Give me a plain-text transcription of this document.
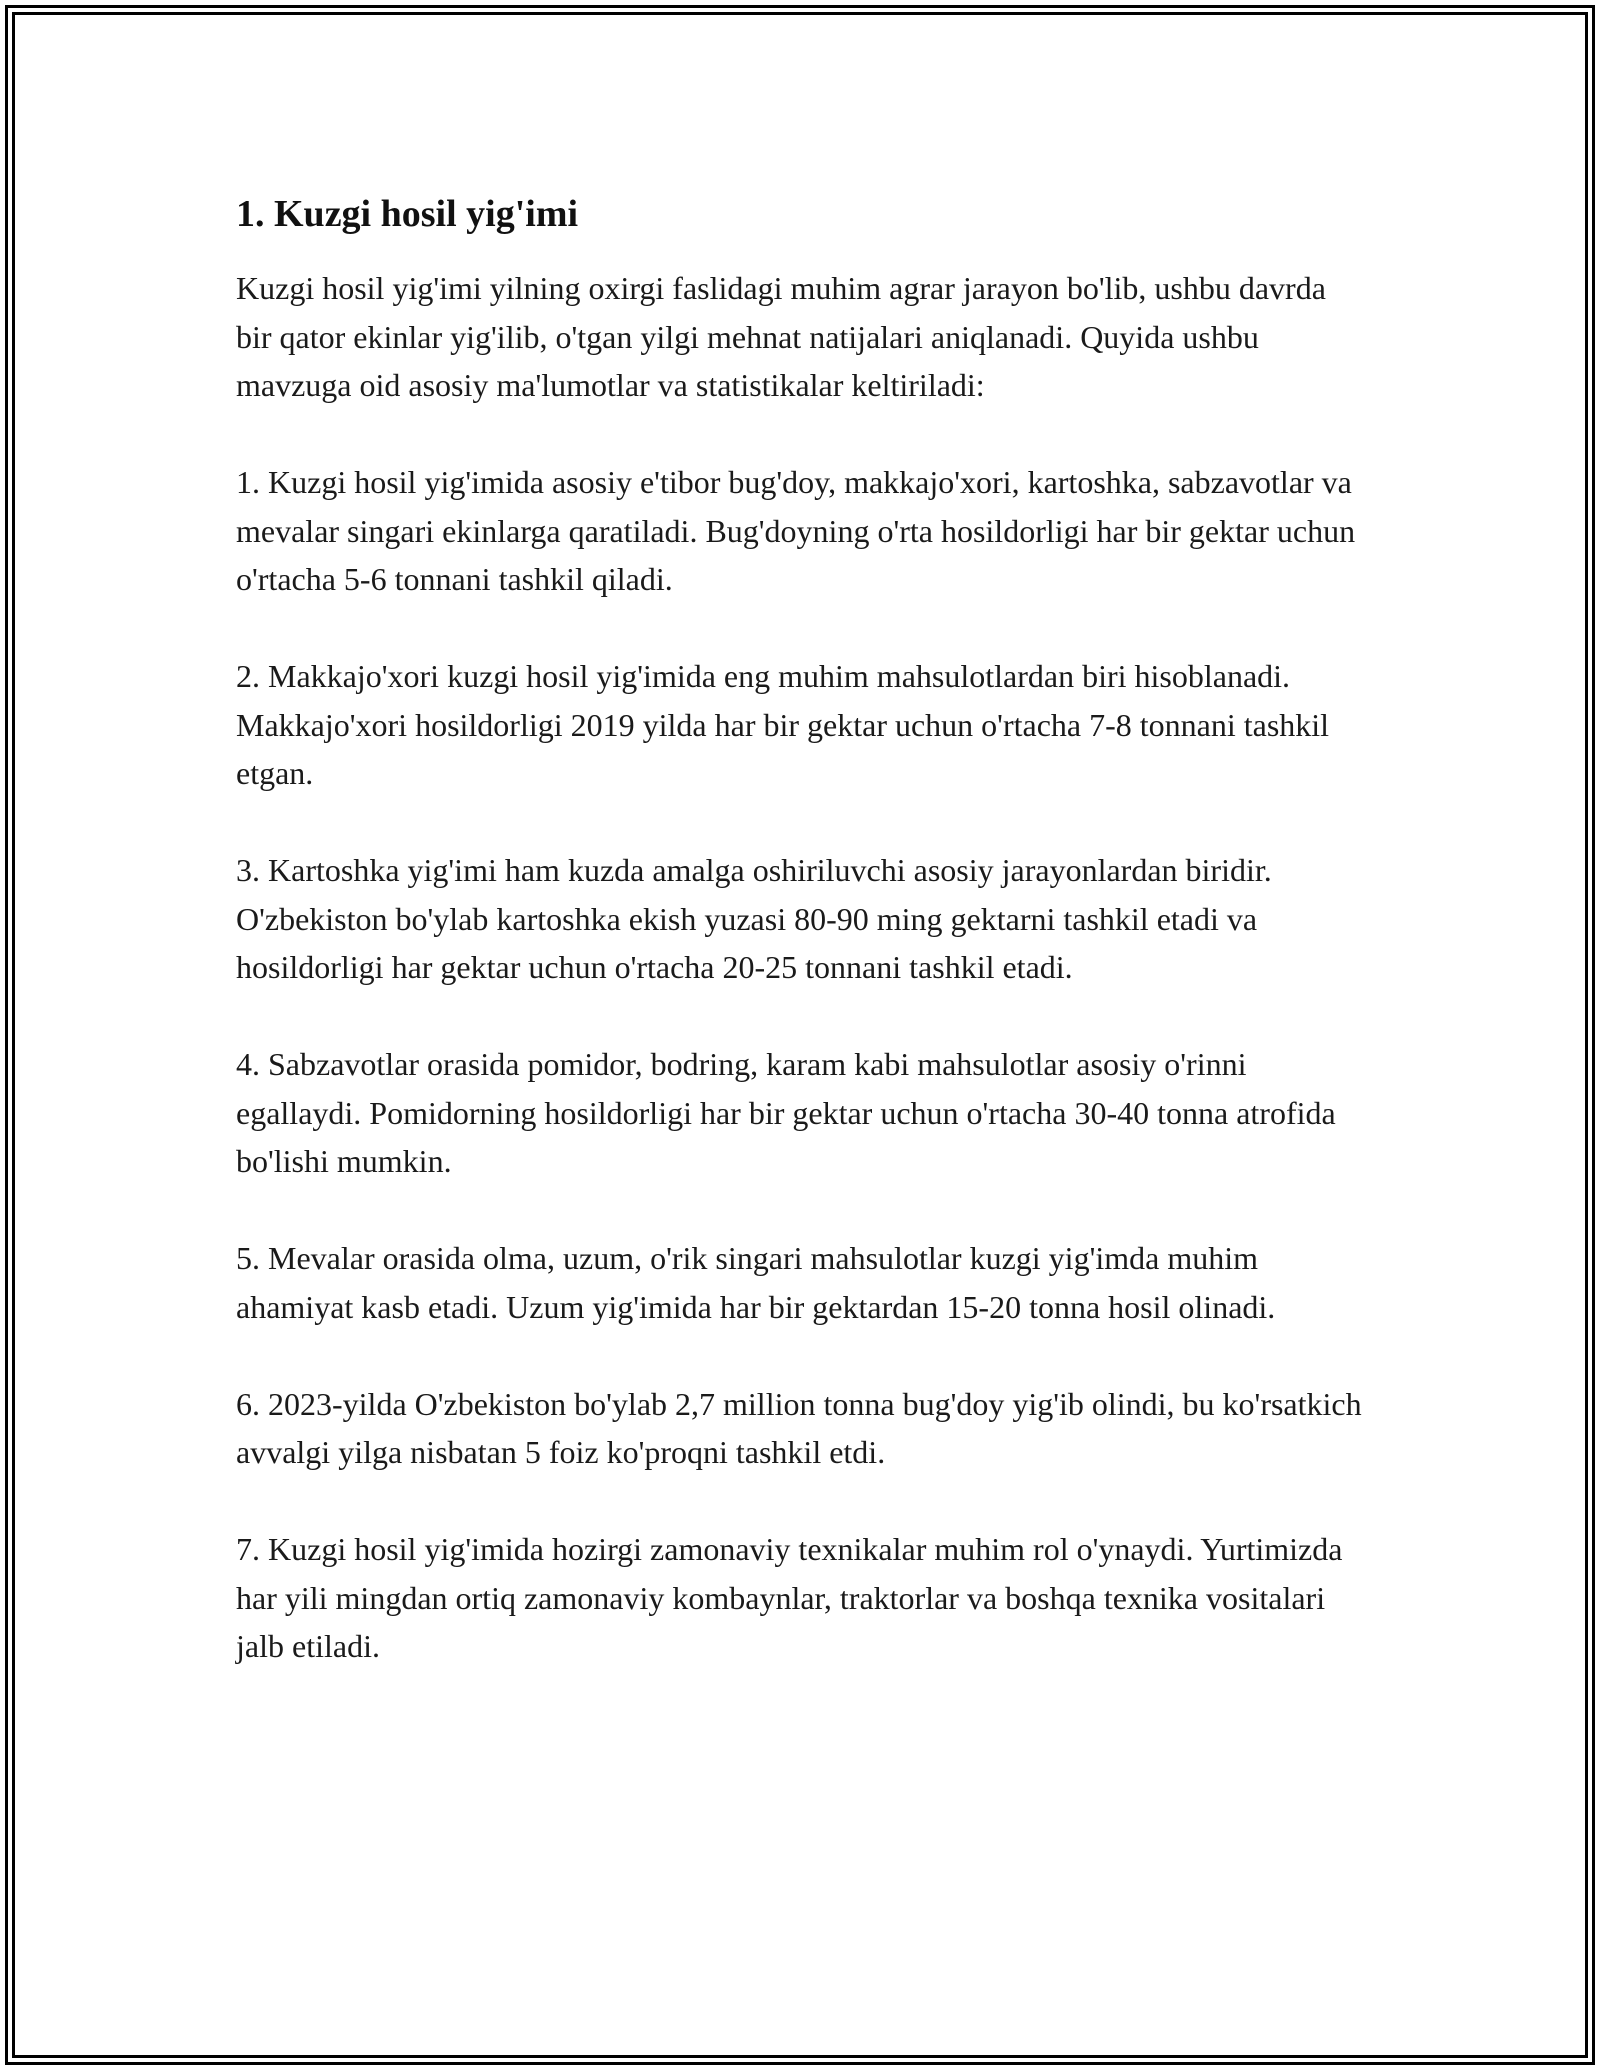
1. Kuzgi hosil yig'imi

Kuzgi hosil yig'imi yilning oxirgi faslidagi muhim agrar jarayon bo'lib, ushbu davrda bir qator ekinlar yig'ilib, o'tgan yilgi mehnat natijalari aniqlanadi. Quyida ushbu mavzuga oid asosiy ma'lumotlar va statistikalar keltiriladi:

1. Kuzgi hosil yig'imida asosiy e'tibor bug'doy, makkajo'xori, kartoshka, sabzavotlar va mevalar singari ekinlarga qaratiladi. Bug'doyning o'rta hosildorligi har bir gektar uchun o'rtacha 5-6 tonnani tashkil qiladi.

2. Makkajo'xori kuzgi hosil yig'imida eng muhim mahsulotlardan biri hisoblanadi. Makkajo'xori hosildorligi 2019 yilda har bir gektar uchun o'rtacha 7-8 tonnani tashkil etgan.

3. Kartoshka yig'imi ham kuzda amalga oshiriluvchi asosiy jarayonlardan biridir. O'zbekiston bo'ylab kartoshka ekish yuzasi 80-90 ming gektarni tashkil etadi va hosildorligi har gektar uchun o'rtacha 20-25 tonnani tashkil etadi.

4. Sabzavotlar orasida pomidor, bodring, karam kabi mahsulotlar asosiy o'rinni egallaydi. Pomidorning hosildorligi har bir gektar uchun o'rtacha 30-40 tonna atrofida bo'lishi mumkin.

5. Mevalar orasida olma, uzum, o'rik singari mahsulotlar kuzgi yig'imda muhim ahamiyat kasb etadi. Uzum yig'imida har bir gektardan 15-20 tonna hosil olinadi.

6. 2023-yilda O'zbekiston bo'ylab 2,7 million tonna bug'doy yig'ib olindi, bu ko'rsatkich avvalgi yilga nisbatan 5 foiz ko'proqni tashkil etdi.

7. Kuzgi hosil yig'imida hozirgi zamonaviy texnikalar muhim rol o'ynaydi. Yurtimizda har yili mingdan ortiq zamonaviy kombaynlar, traktorlar va boshqa texnika vositalari jalb etiladi.
